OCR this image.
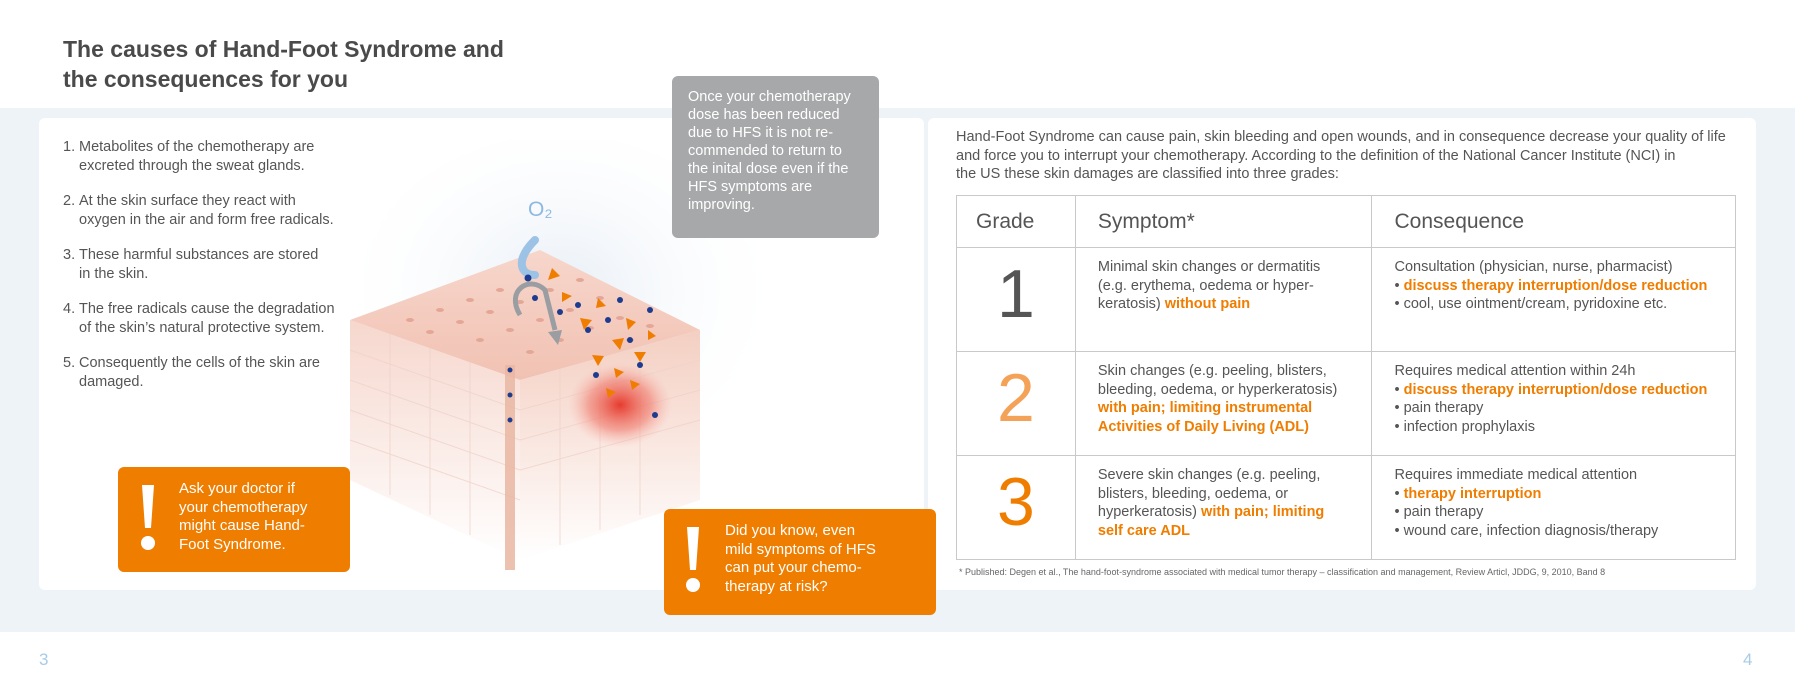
The causes of Hand-Foot Syndrome and
the consequences for you
1. Metabolites of the chemotherapy are
excreted through the sweat glands.
2. At the skin surface they react with
oxygen in the air and form free radicals.
3. These harmful substances are stored
in the skin.
4. The free radicals cause the degradation
of the skin’s natural protective system.
5. Consequently the cells of the skin are
damaged.
O₂
Once your chemotherapy
dose has been reduced
due to HFS it is not re-
commended to return to
the inital dose even if the
HFS symptoms are
improving.
Ask your doctor if
your chemotherapy
might cause Hand-
Foot Syndrome.
Did you know, even
mild symptoms of HFS
can put your chemo-
therapy at risk?

Hand-Foot Syndrome can cause pain, skin bleeding and open wounds, and in consequence decrease your quality of life
and force you to interrupt your chemotherapy. According to the definition of the National Cancer Institute (NCI) in
the US these skin damages are classified into three grades:

Grade	Symptom*	Consequence
1	Minimal skin changes or dermatitis
(e.g. erythema, oedema or hyper-
keratosis) without pain	Consultation (physician, nurse, pharmacist)
• discuss therapy interruption/dose reduction
• cool, use ointment/cream, pyridoxine etc.

2	Skin changes (e.g. peeling, blisters,
bleeding, oedema, or hyperkeratosis)
with pain; limiting instrumental
Activities of Daily Living (ADL)	Requires medical attention within 24h
• discuss therapy interruption/dose reduction
• pain therapy
• infection prophylaxis

3	Severe skin changes (e.g. peeling,
blisters, bleeding, oedema, or
hyperkeratosis) with pain; limiting
self care ADL	Requires immediate medical attention
• therapy interruption
• pain therapy
• wound care, infection diagnosis/therapy
* Published: Degen et al., The hand-foot-syndrome associated with medical tumor therapy – classification and management, Review Articl, JDDG, 9, 2010, Band 8
3	4
